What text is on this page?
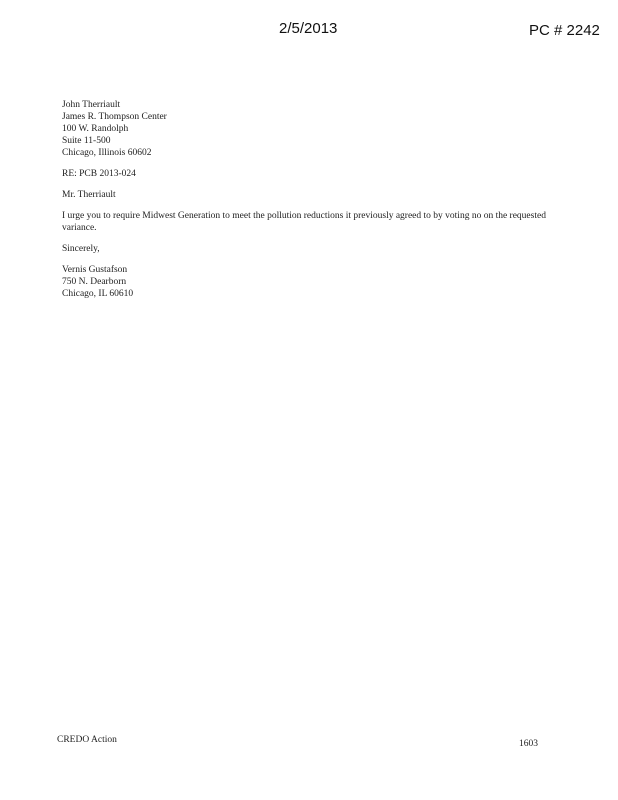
2/5/2013	PC # 2242
John Therriault
James R. Thompson Center
100 W. Randolph
Suite 11-500
Chicago, Illinois 60602
RE: PCB 2013-024
Mr. Therriault
I urge you to require Midwest Generation to meet the pollution reductions it previously agreed to by voting no on the requested variance.
Sincerely,
Vernis Gustafson
750 N. Dearborn
Chicago, IL 60610
CREDO Action	1603
